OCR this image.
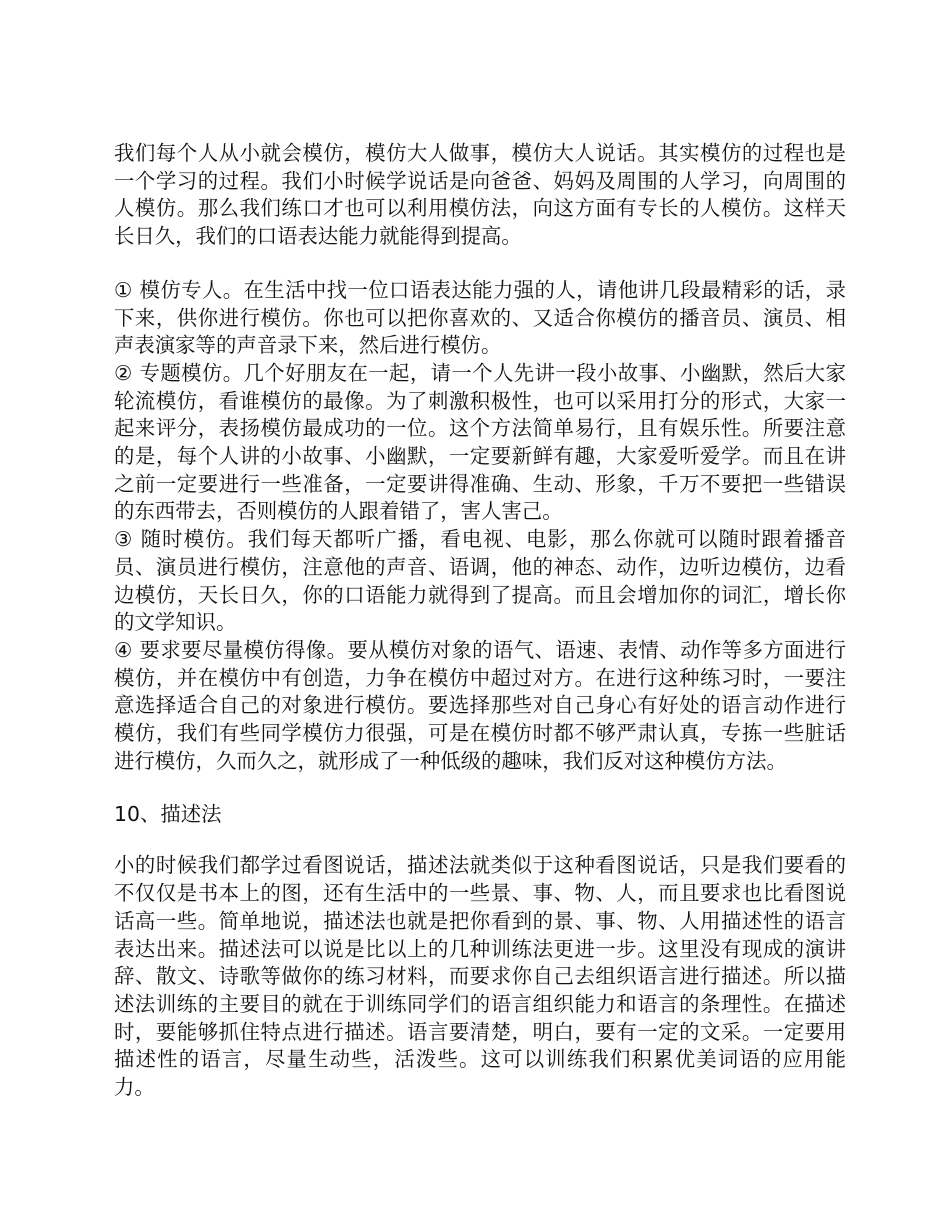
我们每个人从小就会模仿，模仿大人做事，模仿大人说话。其实模仿的过程也是一个学习的过程。我们小时候学说话是向爸爸、妈妈及周围的人学习，向周围的人模仿。那么我们练口才也可以利用模仿法，向这方面有专长的人模仿。这样天长日久，我们的口语表达能力就能得到提高。

① 模仿专人。在生活中找一位口语表达能力强的人，请他讲几段最精彩的话，录下来，供你进行模仿。你也可以把你喜欢的、又适合你模仿的播音员、演员、相声表演家等的声音录下来，然后进行模仿。

② 专题模仿。几个好朋友在一起，请一个人先讲一段小故事、小幽默，然后大家轮流模仿，看谁模仿的最像。为了刺激积极性，也可以采用打分的形式，大家一起来评分，表扬模仿最成功的一位。这个方法简单易行，且有娱乐性。所要注意的是，每个人讲的小故事、小幽默，一定要新鲜有趣，大家爱听爱学。而且在讲之前一定要进行一些准备，一定要讲得准确、生动、形象，千万不要把一些错误的东西带去，否则模仿的人跟着错了，害人害己。

③ 随时模仿。我们每天都听广播，看电视、电影，那么你就可以随时跟着播音员、演员进行模仿，注意他的声音、语调，他的神态、动作，边听边模仿，边看边模仿，天长日久，你的口语能力就得到了提高。而且会增加你的词汇，增长你的文学知识。

④ 要求要尽量模仿得像。要从模仿对象的语气、语速、表情、动作等多方面进行模仿，并在模仿中有创造，力争在模仿中超过对方。在进行这种练习时，一要注意选择适合自己的对象进行模仿。要选择那些对自己身心有好处的语言动作进行模仿，我们有些同学模仿力很强，可是在模仿时都不够严肃认真，专拣一些脏话进行模仿，久而久之，就形成了一种低级的趣味，我们反对这种模仿方法。

10、描述法

小的时候我们都学过看图说话，描述法就类似于这种看图说话，只是我们要看的不仅仅是书本上的图，还有生活中的一些景、事、物、人，而且要求也比看图说话高一些。简单地说，描述法也就是把你看到的景、事、物、人用描述性的语言表达出来。描述法可以说是比以上的几种训练法更进一步。这里没有现成的演讲辞、散文、诗歌等做你的练习材料，而要求你自己去组织语言进行描述。所以描述法训练的主要目的就在于训练同学们的语言组织能力和语言的条理性。在描述时，要能够抓住特点进行描述。语言要清楚，明白，要有一定的文采。一定要用描述性的语言，尽量生动些，活泼些。这可以训练我们积累优美词语的应用能力。
